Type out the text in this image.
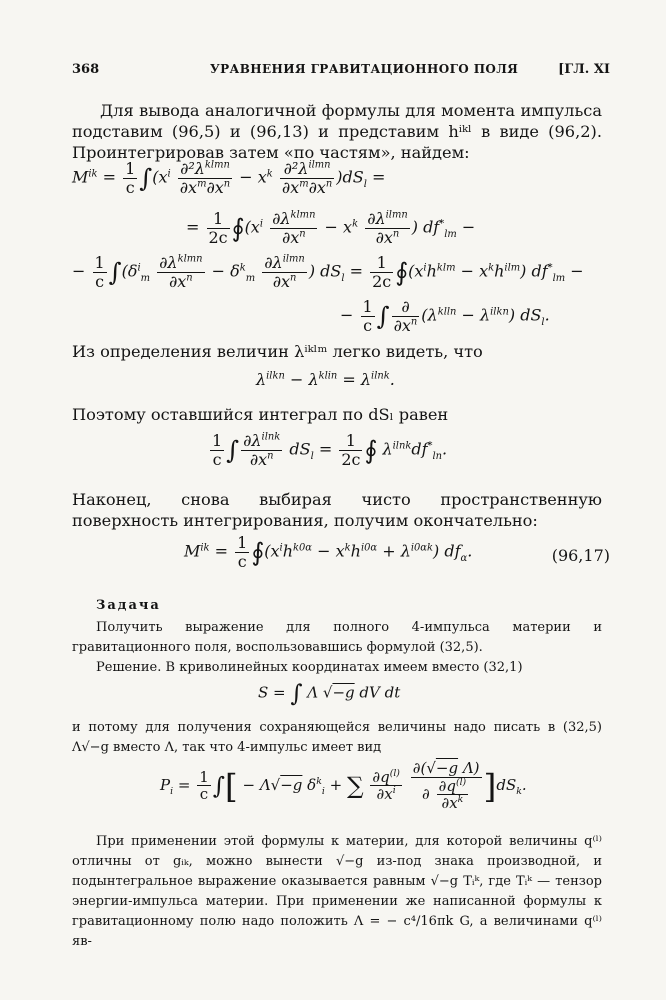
368	УРАВНЕНИЯ ГРАВИТАЦИОННОГО ПОЛЯ	[ГЛ. XI
Для вывода аналогичной формулы для момента импульса подставим (96,5) и (96,13) и представим hⁱᵏˡ в виде (96,2). Проинтегрировав затем «по частям», найдем:
$M^{ik} = \frac{1}{c} \int(x^i \frac{\partial^2\lambda^{klmn}}{\partial x^m\partial x^n} - x^k \frac{\partial^2\lambda^{ilmn}}{\partial x^m\partial x^n} )dS_l$ =
= $\frac{1}{2c}$ $∮(x^i \frac{\partial\lambda^{klmn}}{\partial x^n} - x^k \frac{\partial\lambda^{ilmn}}{\partial x^n}$ ) $df^*_{lm}$ −
− $\frac{1}{c} \int(\delta^i_m \frac{\partial\lambda^{klmn}}{\partial x^n} - \delta^k_m \frac{\partial\lambda^{ilmn}}{\partial x^n}$ ) $dS_l = \frac{1}{2c}$ $∮(x^ih^{klm} - x^kh^{ilm}) df^*_{lm}$ −
− $\frac{1}{c}$ ∫ $\frac{\partial}{\partial x^n} (\lambda^{klln} - \lambda^{ilkn})$ $dS_l$.
Из определения величин λⁱᵏˡᵐ легко видеть, что
$\lambda^{ilkn} - \lambda^{klin} = \lambda^{ilnk}$.
Поэтому оставшийся интеграл по dSₗ равен
$\frac{1}{c}$ ∫ $\frac{\partial\lambda^{ilnk}}{\partial x^n} dS_l = \frac{1}{2c}$ ∮ $\lambda^{ilnk}df^*_{ln}$.
Наконец, снова выбирая чисто пространственную поверхность интегрирования, получим окончательно:
$M^{ik} = \frac{1}{c}$ $∮(x^ih^{k0\alpha} - x^kh^{i0\alpha} + \lambda^{i0\alpha k})$ $df_\alpha$.	(96,17)
Задача
Получить выражение для полного 4-импульса материи и гравитационного поля, воспользовавшись формулой (32,5).
Решение. В криволинейных координатах имеем вместо (32,1)
S = ∫ Λ √−g dV dt
и потому для получения сохраняющейся величины надо писать в (32,5) Λ√−g вместо Λ, так что 4-импульс имеет вид
$P_i = \frac{1}{c}$ ∫[ − Λ√−g $\delta^k_i$ + ∑ $\frac{\partial q^{(l)}}{\partial x^i}$
$\frac{\text{∂(√−g Λ)}}{\partial \frac{\partial q^{(l)}}{\partial x^k}} ]dS_k$.
При применении этой формулы к материи, для которой величины q⁽ˡ⁾ отличны от gᵢₖ, можно вынести √−g из-под знака производной, и подынтегральное выражение оказывается равным √−g Tᵢᵏ, где Tᵢᵏ — тензор энергии-импульса материи. При применении же написанной формулы к гравитационному полю надо положить Λ = − c⁴/16πk G, а величинами q⁽ˡ⁾ яв-
